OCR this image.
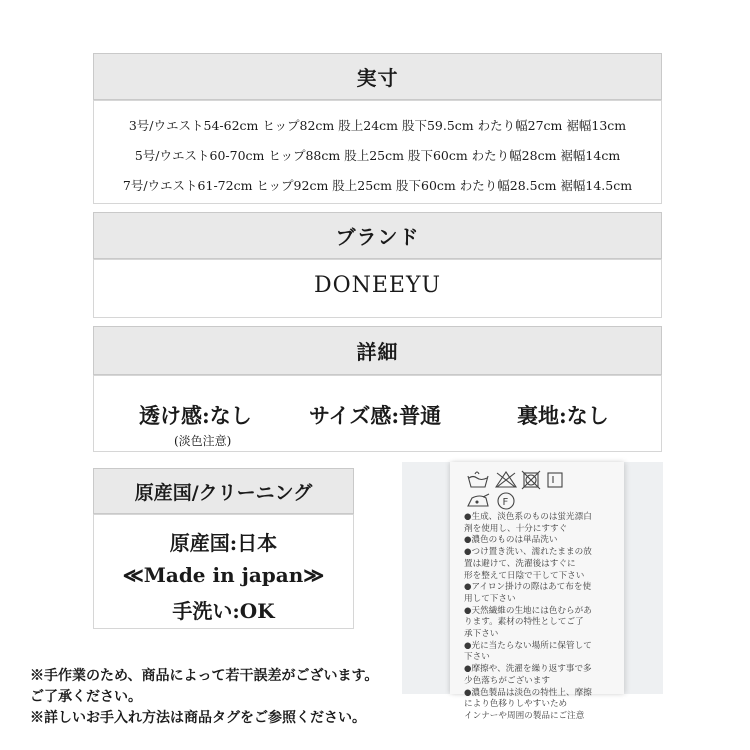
実寸
3号/ウエスト54-62cm ヒップ82cm 股上24cm 股下59.5cm わたり幅27cm 裾幅13cm
5号/ウエスト60-70cm ヒップ88cm 股上25cm 股下60cm わたり幅28cm 裾幅14cm
7号/ウエスト61-72cm ヒップ92cm 股上25cm 股下60cm わたり幅28.5cm 裾幅14.5cm
ブランド
DONEEYU
詳細
透け感:なし
(淡色注意)
サイズ感:普通	裏地:なし
原産国/クリーニング
原産国:日本
≪Made in japan≫
手洗い:OK
F
●生成、淡色系のものは蛍光漂白
剤を使用し、十分にすすぐ
●濃色のものは単品洗い
●つけ置き洗い、濡れたままの放
置は避けて、洗濯後はすぐに
形を整えて日陰で干して下さい
●アイロン掛けの際はあて布を使
用して下さい
●天然繊維の生地には色むらがあ
ります。素材の特性としてご了
承下さい
●光に当たらない場所に保管して
下さい
●摩擦や、洗濯を繰り返す事で多
少色落ちがございます
●濃色製品は淡色の特性上、摩擦
により色移りしやすいため
インナーや周囲の製品にご注意
※手作業のため、商品によって若干誤差がございます。
ご了承ください。
※詳しいお手入れ方法は商品タグをご参照ください。
